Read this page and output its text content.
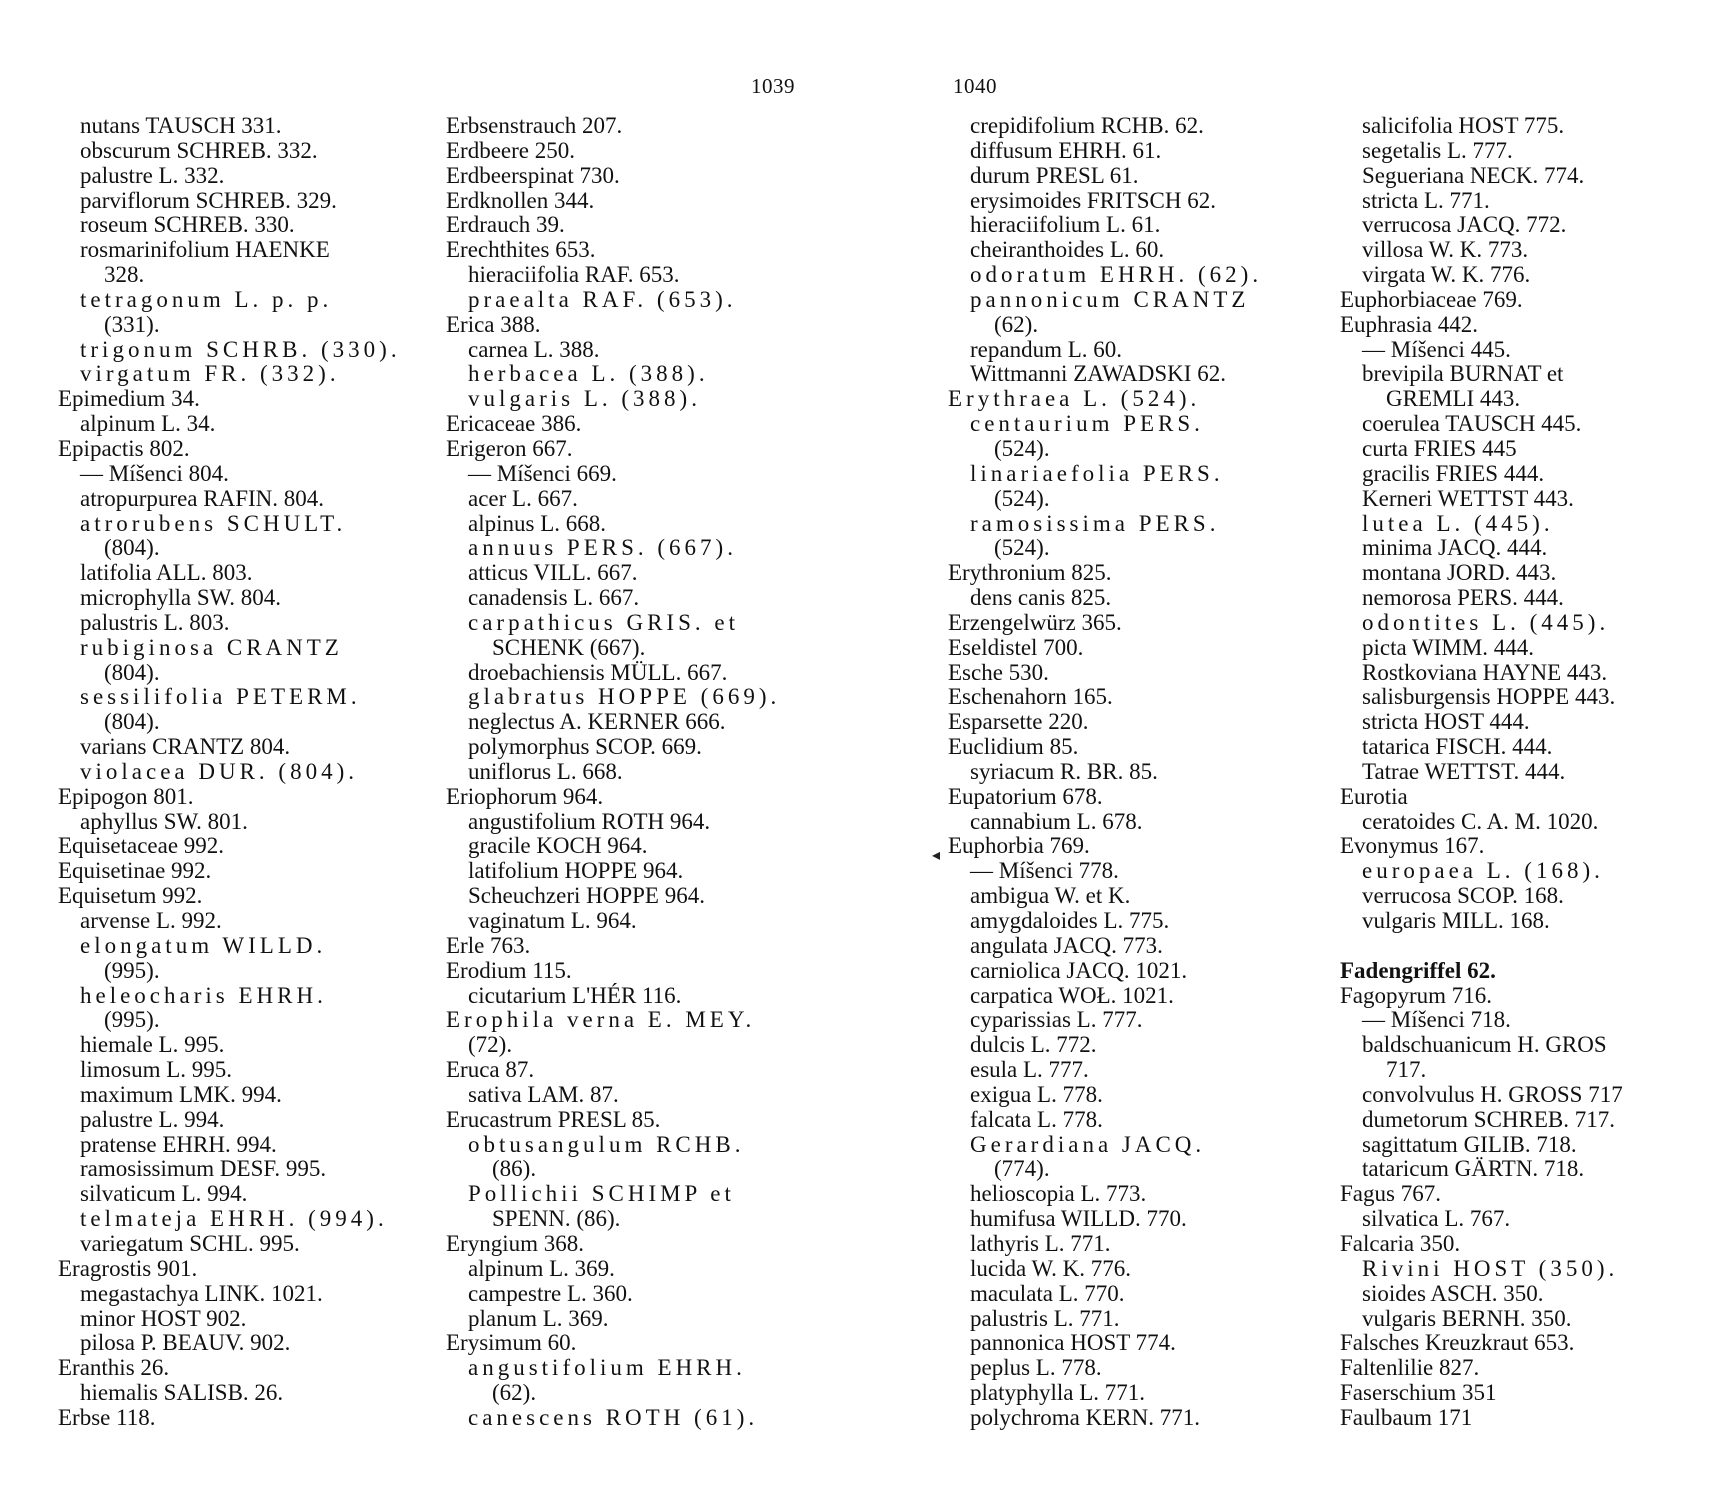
1039	1040
nutans TAUSCH 331.
obscurum SCHREB. 332.
palustre L. 332.
parviflorum SCHREB. 329.
roseum SCHREB. 330.
rosmarinifolium HAENKE
328.
tetragonum L. p. p.
(331).
trigonum SCHRB. (330).
virgatum FR. (332).
Epimedium 34.
alpinum L. 34.
Epipactis 802.
— Míšenci 804.
atropurpurea RAFIN. 804.
atrorubens SCHULT.
(804).
latifolia ALL. 803.
microphylla SW. 804.
palustris L. 803.
rubiginosa CRANTZ
(804).
sessilifolia PETERM.
(804).
varians CRANTZ 804.
violacea DUR. (804).
Epipogon 801.
aphyllus SW. 801.
Equisetaceae 992.
Equisetinae 992.
Equisetum 992.
arvense L. 992.
elongatum WILLD.
(995).
heleocharis EHRH.
(995).
hiemale L. 995.
limosum L. 995.
maximum LMK. 994.
palustre L. 994.
pratense EHRH. 994.
ramosissimum DESF. 995.
silvaticum L. 994.
telmateja EHRH. (994).
variegatum SCHL. 995.
Eragrostis 901.
megastachya LINK. 1021.
minor HOST 902.
pilosa P. BEAUV. 902.
Eranthis 26.
hiemalis SALISB. 26.
Erbse 118.
Erbsenstrauch 207.
Erdbeere 250.
Erdbeerspinat 730.
Erdknollen 344.
Erdrauch 39.
Erechthites 653.
hieraciifolia RAF. 653.
praealta RAF. (653).
Erica 388.
carnea L. 388.
herbacea L. (388).
vulgaris L. (388).
Ericaceae 386.
Erigeron 667.
— Míšenci 669.
acer L. 667.
alpinus L. 668.
annuus PERS. (667).
atticus VILL. 667.
canadensis L. 667.
carpathicus GRIS. et
SCHENK (667).
droebachiensis MÜLL. 667.
glabratus HOPPE (669).
neglectus A. KERNER 666.
polymorphus SCOP. 669.
uniflorus L. 668.
Eriophorum 964.
angustifolium ROTH 964.
gracile KOCH 964.
latifolium HOPPE 964.
Scheuchzeri HOPPE 964.
vaginatum L. 964.
Erle 763.
Erodium 115.
cicutarium L'HÉR 116.
Erophila verna E. MEY.
(72).
Eruca 87.
sativa LAM. 87.
Erucastrum PRESL 85.
obtusangulum RCHB.
(86).
Pollichii SCHIMP et
SPENN. (86).
Eryngium 368.
alpinum L. 369.
campestre L. 360.
planum L. 369.
Erysimum 60.
angustifolium EHRH.
(62).
canescens ROTH (61).
crepidifolium RCHB. 62.
diffusum EHRH. 61.
durum PRESL 61.
erysimoides FRITSCH 62.
hieraciifolium L. 61.
cheiranthoides L. 60.
odoratum EHRH. (62).
pannonicum CRANTZ
(62).
repandum L. 60.
Wittmanni ZAWADSKI 62.
Erythraea L. (524).
centaurium PERS.
(524).
linariaefolia PERS.
(524).
ramosissima PERS.
(524).
Erythronium 825.
dens canis 825.
Erzengelwürz 365.
Eseldistel 700.
Esche 530.
Eschenahorn 165.
Esparsette 220.
Euclidium 85.
syriacum R. BR. 85.
Eupatorium 678.
cannabium L. 678.
Euphorbia 769.
— Míšenci 778.
ambigua W. et K.
amygdaloides L. 775.
angulata JACQ. 773.
carniolica JACQ. 1021.
carpatica WOŁ. 1021.
cyparissias L. 777.
dulcis L. 772.
esula L. 777.
exigua L. 778.
falcata L. 778.
Gerardiana JACQ.
(774).
helioscopia L. 773.
humifusa WILLD. 770.
lathyris L. 771.
lucida W. K. 776.
maculata L. 770.
palustris L. 771.
pannonica HOST 774.
peplus L. 778.
platyphylla L. 771.
polychroma KERN. 771.
salicifolia HOST 775.
segetalis L. 777.
Segueriana NECK. 774.
stricta L. 771.
verrucosa JACQ. 772.
villosa W. K. 773.
virgata W. K. 776.
Euphorbiaceae 769.
Euphrasia 442.
— Míšenci 445.
brevipila BURNAT et
GREMLI 443.
coerulea TAUSCH 445.
curta FRIES 445
gracilis FRIES 444.
Kerneri WETTST 443.
lutea L. (445).
minima JACQ. 444.
montana JORD. 443.
nemorosa PERS. 444.
odontites L. (445).
picta WIMM. 444.
Rostkoviana HAYNE 443.
salisburgensis HOPPE 443.
stricta HOST 444.
tatarica FISCH. 444.
Tatrae WETTST. 444.
Eurotia
ceratoides C. A. M. 1020.
Evonymus 167.
europaea L. (168).
verrucosa SCOP. 168.
vulgaris MILL. 168.
Fadengriffel 62.
Fagopyrum 716.
— Míšenci 718.
baldschuanicum H. GROS
717.
convolvulus H. GROSS 717
dumetorum SCHREB. 717.
sagittatum GILIB. 718.
tataricum GÄRTN. 718.
Fagus 767.
silvatica L. 767.
Falcaria 350.
Rivini HOST (350).
sioides ASCH. 350.
vulgaris BERNH. 350.
Falsches Kreuzkraut 653.
Faltenlilie 827.
Faserschium 351
Faulbaum 171
◂
